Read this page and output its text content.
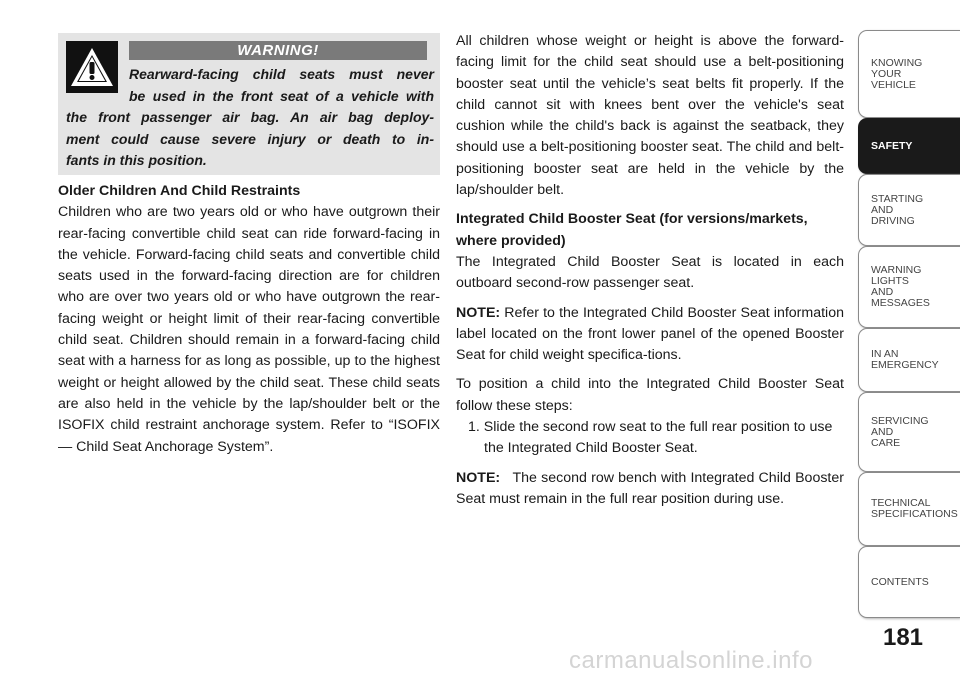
WARNING!
Rearward-facing child seats must never
be used in the front seat of a vehicle with
the front passenger air bag. An air bag deploy-
ment could cause severe injury or death to in-
fants in this position.

Older Children And Child Restraints

Children who are two years old or who have outgrown their rear-facing convertible child seat can ride forward-facing in the vehicle. Forward-facing child seats and convertible child seats used in the forward-facing direction are for children who are over two years old or who have outgrown the rear-facing weight or height limit of their rear-facing convertible child seat. Children should remain in a forward-facing child seat with a harness for as long as possible, up to the highest weight or height allowed by the child seat. These child seats are also held in the vehicle by the lap/shoulder belt or the ISOFIX child restraint anchorage system. Refer to “ISOFIX — Child Seat Anchorage System”.

All children whose weight or height is above the forward-facing limit for the child seat should use a belt-positioning booster seat until the vehicle’s seat belts fit properly. If the child cannot sit with knees bent over the vehicle's seat cushion while the child's back is against the seatback, they should use a belt-positioning booster seat. The child and belt-positioning booster seat are held in the vehicle by the lap/shoulder belt.

Integrated Child Booster Seat (for versions/markets, where provided)

The Integrated Child Booster Seat is located in each outboard second-row passenger seat.

NOTE: Refer to the Integrated Child Booster Seat information label located on the front lower panel of the opened Booster Seat for child weight specifica-tions.

To position a child into the Integrated Child Booster Seat follow these steps:

1. Slide the second row seat to the full rear position to use the Integrated Child Booster Seat.

NOTE: The second row bench with Integrated Child Booster Seat must remain in the full rear position during use.

KNOWING
YOUR
VEHICLE
SAFETY
STARTING
AND
DRIVING
WARNING
LIGHTS
AND
MESSAGES
IN AN
EMERGENCY
SERVICING
AND
CARE
TECHNICAL
SPECIFICATIONS
CONTENTS
181
carmanualsonline.info
